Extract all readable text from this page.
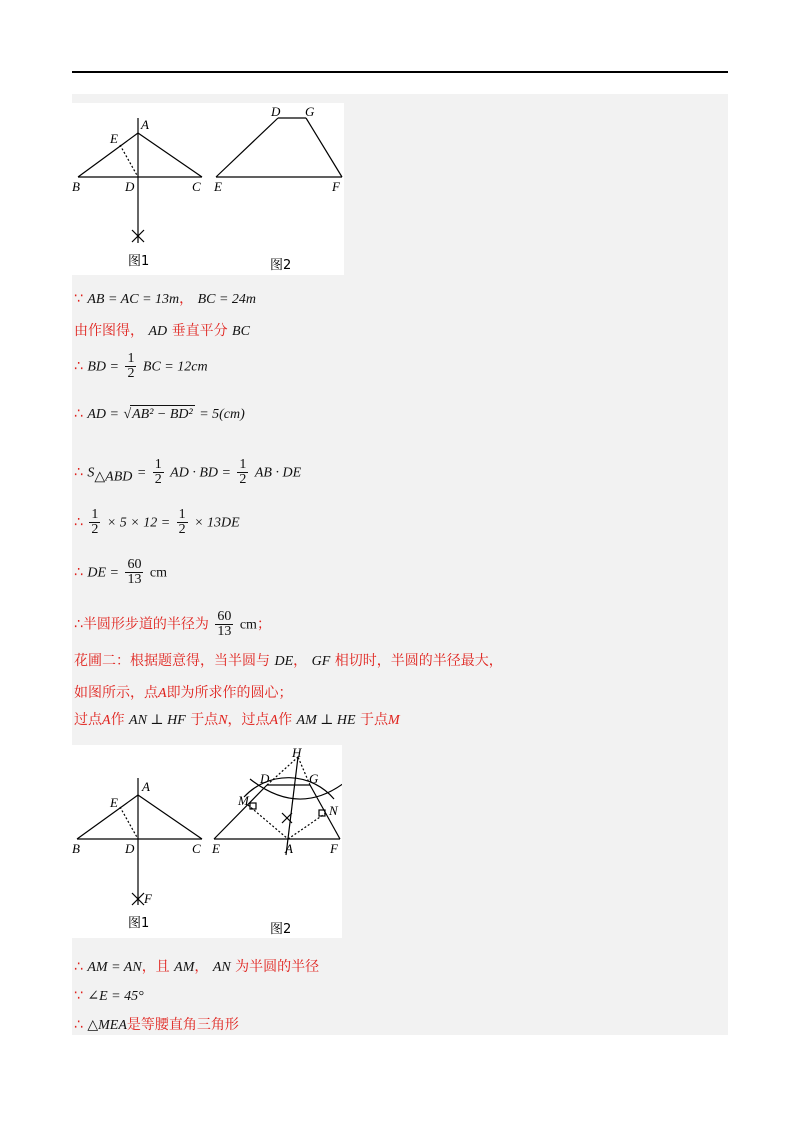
A
B	C
D
E
图1
D G
E	F
图2
∵ AB = AC = 13m， BC = 24m
由作图得， AD 垂直平分 BC
∴ BD = $\frac{1}{2}$ BC = 12cm
∴ AD = √AB² − BD² = 5(cm)
∴ $S_{\triangle ABD} = \frac{1}{2}$ AD · BD = $\frac{1}{2}$ AB · DE
∴ $\frac{1}{2} \times 5 \times 12 = \frac{1}{2} \times 13DE$
∴ DE = $\frac{60}{13}$ cm
∴半圆形步道的半径为 $\frac{60}{13}$ cm；
花圃二：根据题意得，当半圆与 DE， GF 相切时，半圆的半径最大，
如图所示，点A即为所求作的圆心；
过点A作 AN ⊥ HF 于点N，过点A作 AM ⊥ HE 于点M
A
B	C
D
E
F
图1
H
D	G
M
N
E	A	F
图2
∴ AM = AN，且 AM， AN 为半圆的半径
∵ ∠E = 45°
∴ △MEA是等腰直角三角形
